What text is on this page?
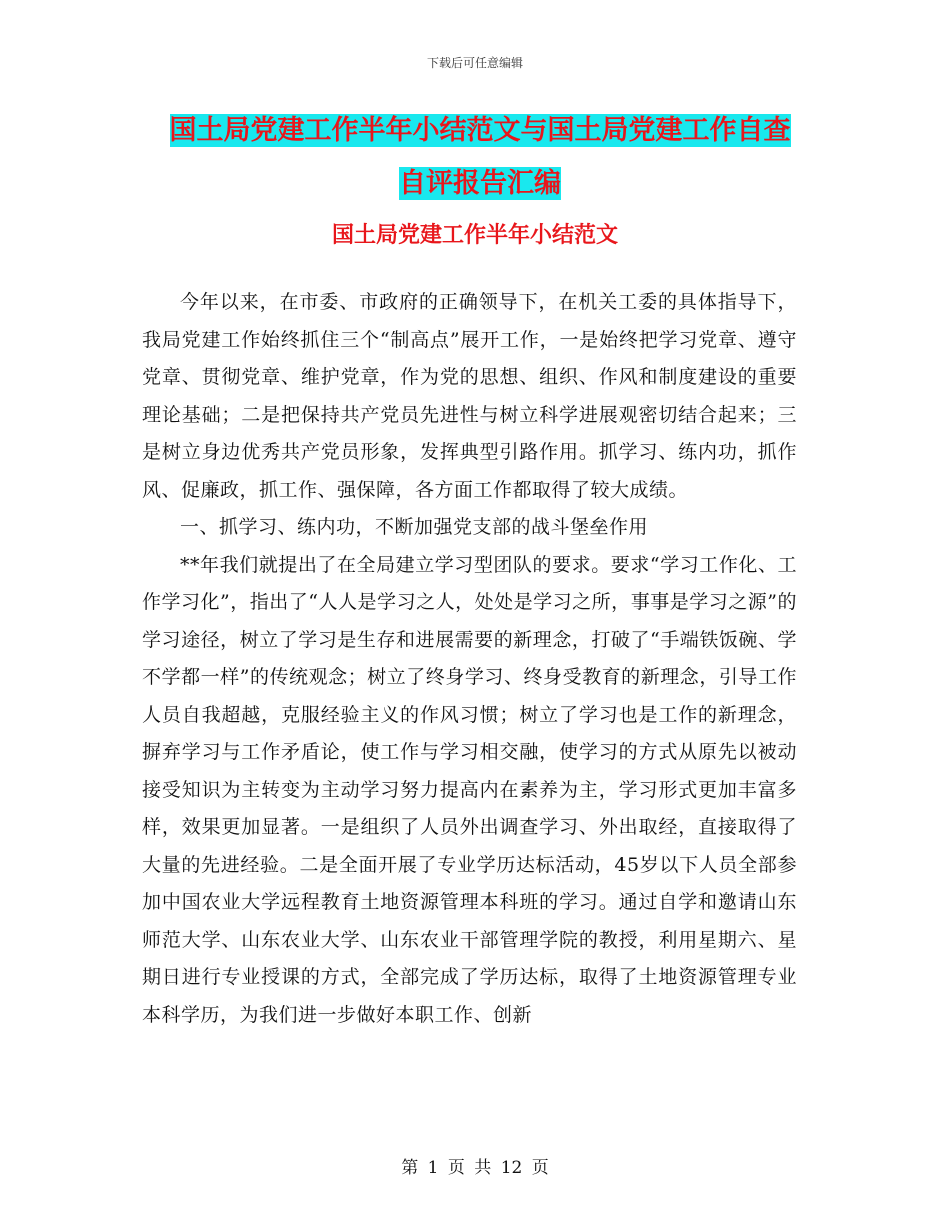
下载后可任意编辑
国土局党建工作半年小结范文与国土局党建工作自查
自评报告汇编
国土局党建工作半年小结范文

今年以来，在市委、市政府的正确领导下，在机关工委的具体指导下，我局党建工作始终抓住三个“制高点”展开工作，一是始终把学习党章、遵守党章、贯彻党章、维护党章，作为党的思想、组织、作风和制度建设的重要理论基础；二是把保持共产党员先进性与树立科学进展观密切结合起来；三是树立身边优秀共产党员形象，发挥典型引路作用。抓学习、练内功，抓作风、促廉政，抓工作、强保障，各方面工作都取得了较大成绩。

一、抓学习、练内功，不断加强党支部的战斗堡垒作用

**年我们就提出了在全局建立学习型团队的要求。要求“学习工作化、工作学习化”，指出了“人人是学习之人，处处是学习之所，事事是学习之源”的学习途径，树立了学习是生存和进展需要的新理念，打破了“手端铁饭碗、学不学都一样”的传统观念；树立了终身学习、终身受教育的新理念，引导工作人员自我超越，克服经验主义的作风习惯；树立了学习也是工作的新理念，摒弃学习与工作矛盾论，使工作与学习相交融，使学习的方式从原先以被动接受知识为主转变为主动学习努力提高内在素养为主，学习形式更加丰富多样，效果更加显著。一是组织了人员外出调查学习、外出取经，直接取得了大量的先进经验。二是全面开展了专业学历达标活动，45岁以下人员全部参加中国农业大学远程教育土地资源管理本科班的学习。通过自学和邀请山东师范大学、山东农业大学、山东农业干部管理学院的教授，利用星期六、星期日进行专业授课的方式，全部完成了学历达标，取得了土地资源管理专业本科学历，为我们进一步做好本职工作、创新

第 1 页 共 12 页
